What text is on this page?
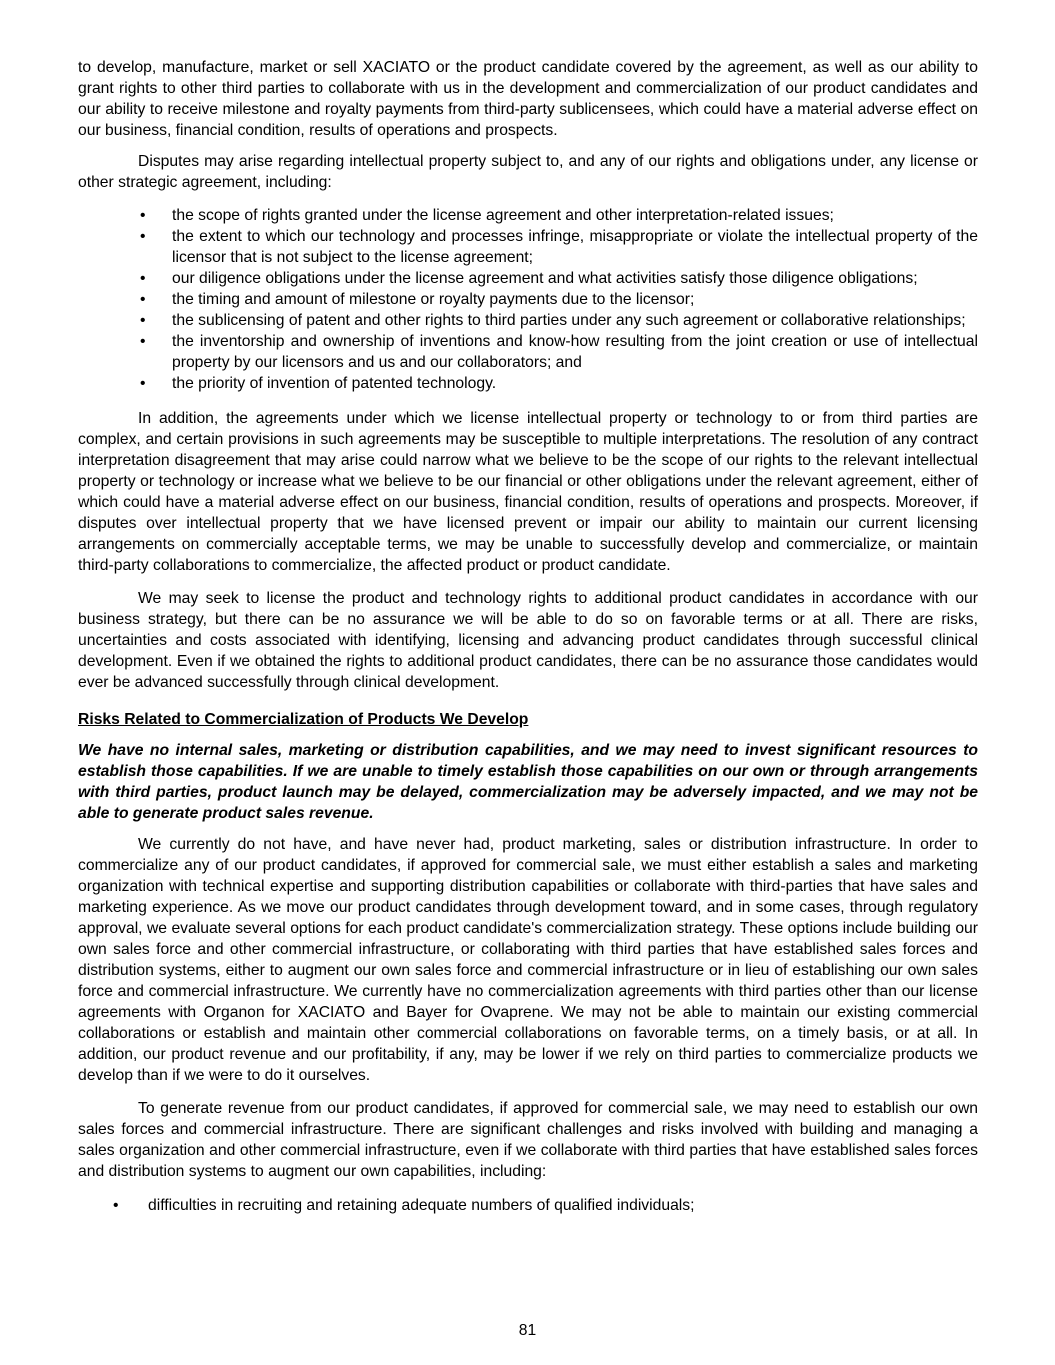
to develop, manufacture, market or sell XACIATO or the product candidate covered by the agreement, as well as our ability to grant rights to other third parties to collaborate with us in the development and commercialization of our product candidates and our ability to receive milestone and royalty payments from third-party sublicensees, which could have a material adverse effect on our business, financial condition, results of operations and prospects.

Disputes may arise regarding intellectual property subject to, and any of our rights and obligations under, any license or other strategic agreement, including:

• the scope of rights granted under the license agreement and other interpretation-related issues;
• the extent to which our technology and processes infringe, misappropriate or violate the intellectual property of the licensor that is not subject to the license agreement;
• our diligence obligations under the license agreement and what activities satisfy those diligence obligations;
• the timing and amount of milestone or royalty payments due to the licensor;
• the sublicensing of patent and other rights to third parties under any such agreement or collaborative relationships;
• the inventorship and ownership of inventions and know-how resulting from the joint creation or use of intellectual property by our licensors and us and our collaborators; and
• the priority of invention of patented technology.

In addition, the agreements under which we license intellectual property or technology to or from third parties are complex, and certain provisions in such agreements may be susceptible to multiple interpretations. The resolution of any contract interpretation disagreement that may arise could narrow what we believe to be the scope of our rights to the relevant intellectual property or technology or increase what we believe to be our financial or other obligations under the relevant agreement, either of which could have a material adverse effect on our business, financial condition, results of operations and prospects. Moreover, if disputes over intellectual property that we have licensed prevent or impair our ability to maintain our current licensing arrangements on commercially acceptable terms, we may be unable to successfully develop and commercialize, or maintain third-party collaborations to commercialize, the affected product or product candidate.

We may seek to license the product and technology rights to additional product candidates in accordance with our business strategy, but there can be no assurance we will be able to do so on favorable terms or at all. There are risks, uncertainties and costs associated with identifying, licensing and advancing product candidates through successful clinical development. Even if we obtained the rights to additional product candidates, there can be no assurance those candidates would ever be advanced successfully through clinical development.

Risks Related to Commercialization of Products We Develop

We have no internal sales, marketing or distribution capabilities, and we may need to invest significant resources to establish those capabilities. If we are unable to timely establish those capabilities on our own or through arrangements with third parties, product launch may be delayed, commercialization may be adversely impacted, and we may not be able to generate product sales revenue.

We currently do not have, and have never had, product marketing, sales or distribution infrastructure. In order to commercialize any of our product candidates, if approved for commercial sale, we must either establish a sales and marketing organization with technical expertise and supporting distribution capabilities or collaborate with third-parties that have sales and marketing experience. As we move our product candidates through development toward, and in some cases, through regulatory approval, we evaluate several options for each product candidate's commercialization strategy. These options include building our own sales force and other commercial infrastructure, or collaborating with third parties that have established sales forces and distribution systems, either to augment our own sales force and commercial infrastructure or in lieu of establishing our own sales force and commercial infrastructure. We currently have no commercialization agreements with third parties other than our license agreements with Organon for XACIATO and Bayer for Ovaprene. We may not be able to maintain our existing commercial collaborations or establish and maintain other commercial collaborations on favorable terms, on a timely basis, or at all. In addition, our product revenue and our profitability, if any, may be lower if we rely on third parties to commercialize products we develop than if we were to do it ourselves.

To generate revenue from our product candidates, if approved for commercial sale, we may need to establish our own sales forces and commercial infrastructure. There are significant challenges and risks involved with building and managing a sales organization and other commercial infrastructure, even if we collaborate with third parties that have established sales forces and distribution systems to augment our own capabilities, including:

• difficulties in recruiting and retaining adequate numbers of qualified individuals;
81
